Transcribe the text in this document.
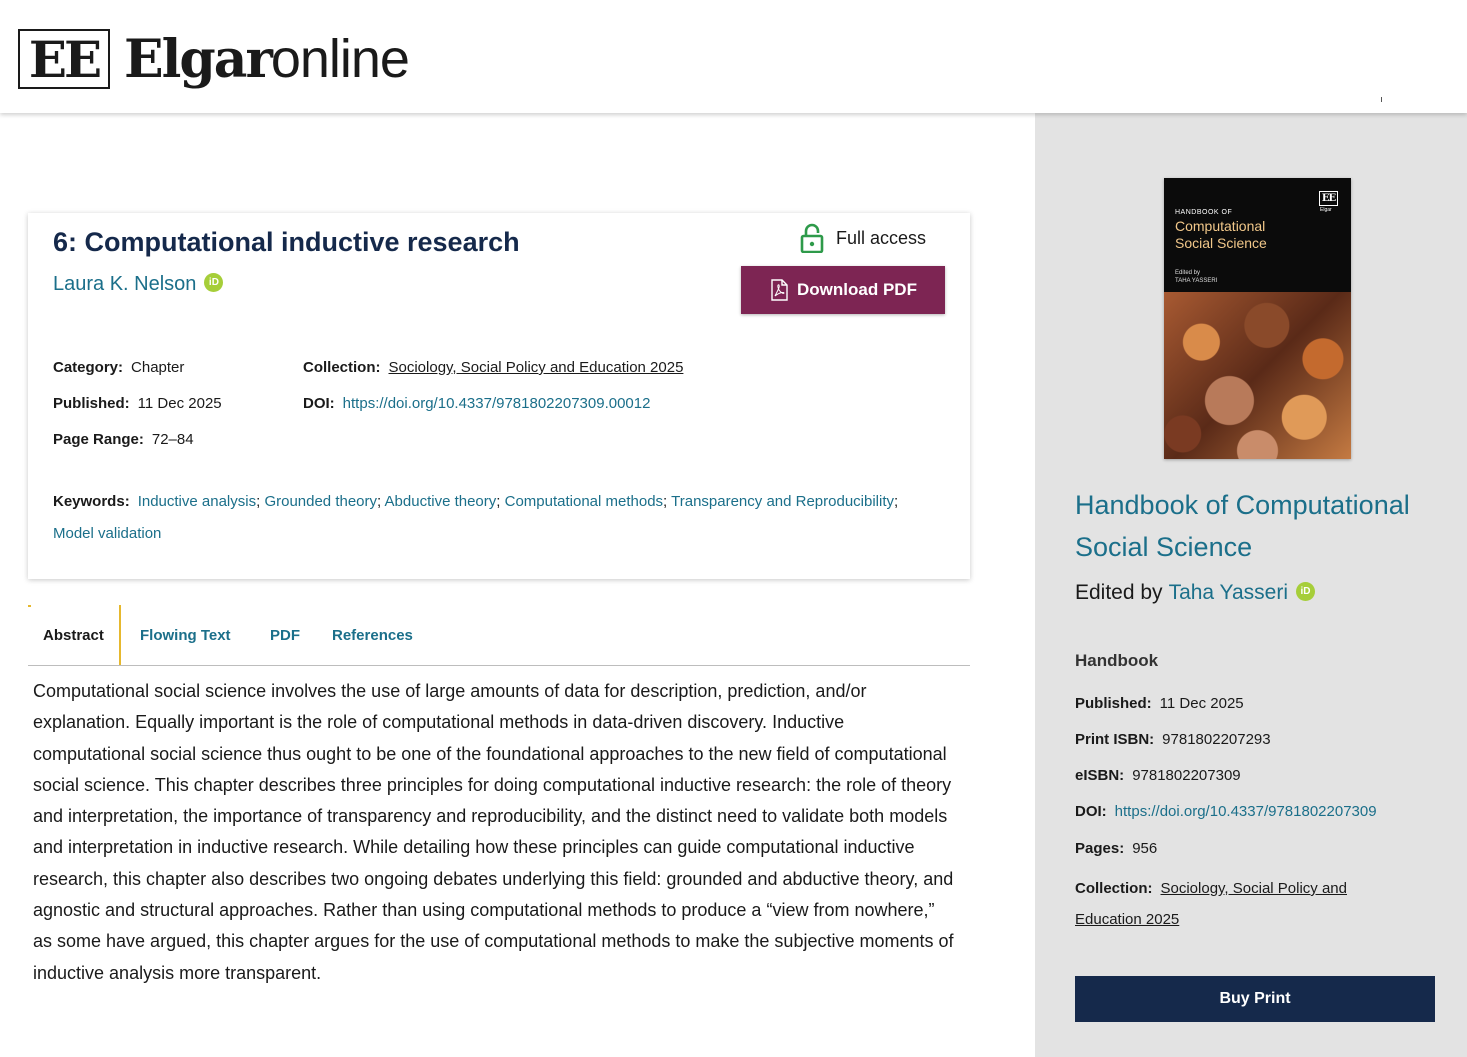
EE Elgar online
6: Computational inductive research
Laura K. Nelson	iD
Full access
Download PDF
Category: Chapter
Published: 11 Dec 2025
Page Range: 72–84
Collection: Sociology, Social Policy and Education 2025
DOI: https://doi.org/10.4337/9781802207309.00012
Keywords: Inductive analysis; Grounded theory; Abductive theory; Computational methods; Transparency and Reproducibility; Model validation
Abstract	Flowing Text	PDF References

Computational social science involves the use of large amounts of data for description, prediction, and/or explanation. Equally important is the role of computational methods in data-driven discovery. Inductive computational social science thus ought to be one of the foundational approaches to the new field of computational social science. This chapter describes three principles for doing computational inductive research: the role of theory and interpretation, the importance of transparency and reproducibility, and the distinct need to validate both models and interpretation in inductive research. While detailing how these principles can guide computational inductive research, this chapter also describes two ongoing debates underlying this field: grounded and abductive theory, and agnostic and structural approaches. Rather than using computational methods to produce a “view from nowhere,” as some have argued, this chapter argues for the use of computational methods to make the subjective moments of inductive analysis more transparent.

EE
Elgar
HANDBOOK OF
Computational
Social Science
Edited by
TAHA YASSERI
Handbook of Computational Social Science
Edited by Taha Yasseri	iD
Handbook
Published: 11 Dec 2025
Print ISBN: 9781802207293
eISBN: 9781802207309
DOI: https://doi.org/10.4337/9781802207309
Pages: 956
Collection: Sociology, Social Policy and Education 2025
Buy Print
